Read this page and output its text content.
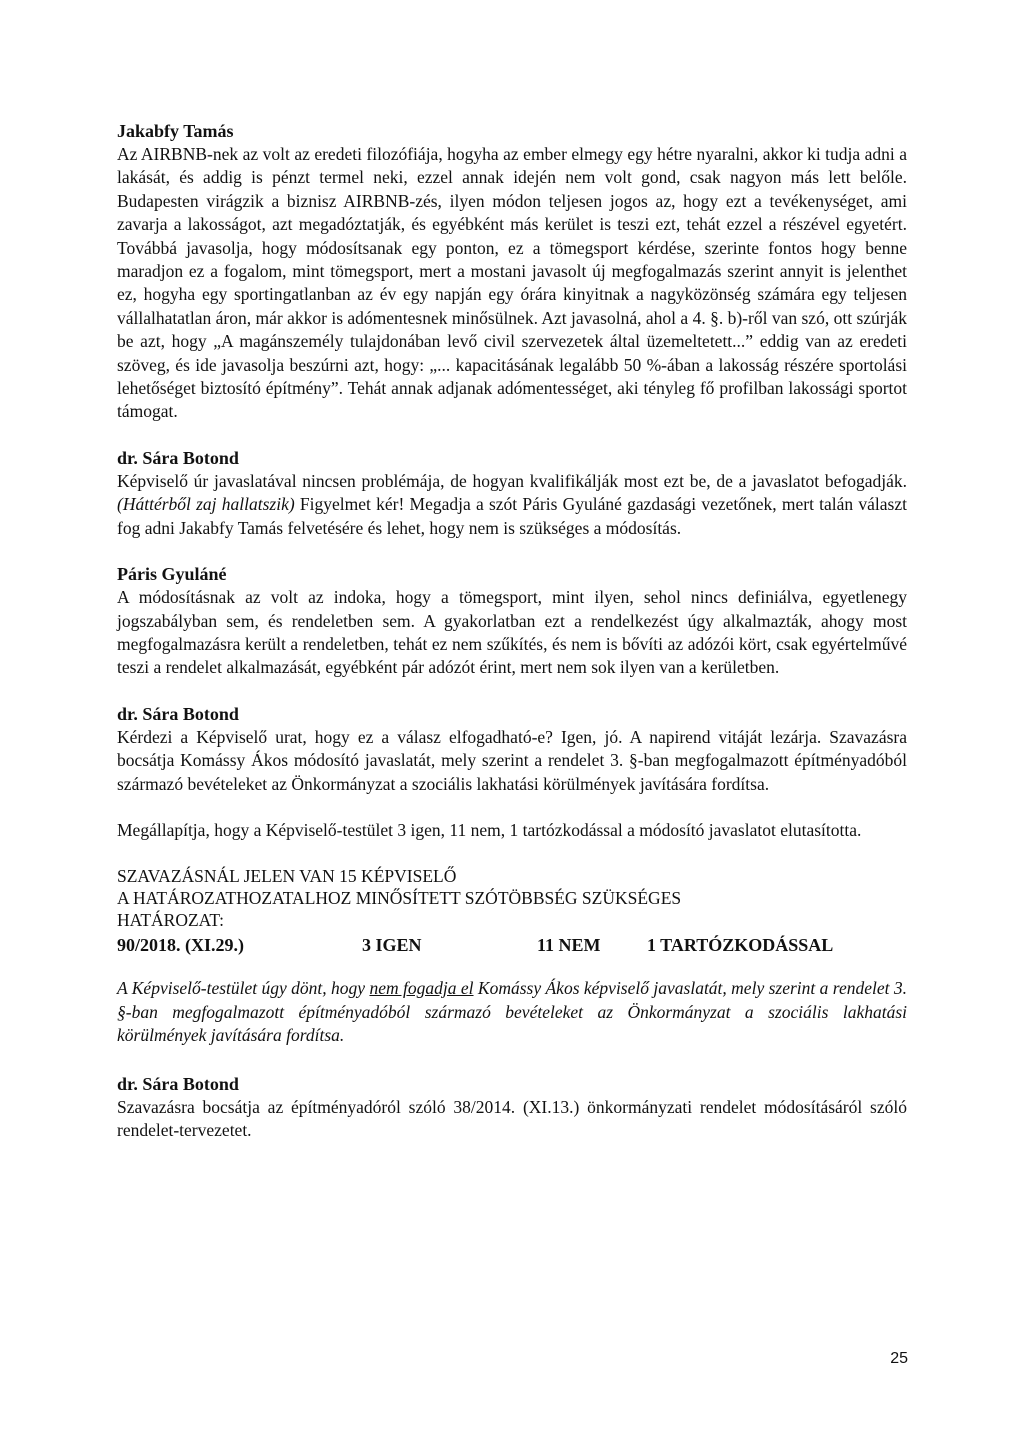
Jakabfy Tamás

Az AIRBNB-nek az volt az eredeti filozófiája, hogyha az ember elmegy egy hétre nyaralni, akkor ki tudja adni a lakását, és addig is pénzt termel neki, ezzel annak idején nem volt gond, csak nagyon más lett belőle. Budapesten virágzik a biznisz AIRBNB-zés, ilyen módon teljesen jogos az, hogy ezt a tevékenységet, ami zavarja a lakosságot, azt megadóztatják, és egyébként más kerület is teszi ezt, tehát ezzel a részével egyetért. Továbbá javasolja, hogy módosítsanak egy ponton, ez a tömegsport kérdése, szerinte fontos hogy benne maradjon ez a fogalom, mint tömegsport, mert a mostani javasolt új megfogalmazás szerint annyit is jelenthet ez, hogyha egy sportingatlanban az év egy napján egy órára kinyitnak a nagyközönség számára egy teljesen vállalhatatlan áron, már akkor is adómentesnek minősülnek. Azt javasolná, ahol a 4. §. b)-ről van szó, ott szúrják be azt, hogy „A magánszemély tulajdonában levő civil szervezetek által üzemeltetett...” eddig van az eredeti szöveg, és ide javasolja beszúrni azt, hogy: „... kapacitásának legalább 50 %-ában a lakosság részére sportolási lehetőséget biztosító építmény”. Tehát annak adjanak adómentességet, aki tényleg fő profilban lakossági sportot támogat.

dr. Sára Botond

Képviselő úr javaslatával nincsen problémája, de hogyan kvalifikálják most ezt be, de a javaslatot befogadják. (Háttérből zaj hallatszik) Figyelmet kér! Megadja a szót Páris Gyuláné gazdasági vezetőnek, mert talán választ fog adni Jakabfy Tamás felvetésére és lehet, hogy nem is szükséges a módosítás.

Páris Gyuláné

A módosításnak az volt az indoka, hogy a tömegsport, mint ilyen, sehol nincs definiálva, egyetlenegy jogszabályban sem, és rendeletben sem. A gyakorlatban ezt a rendelkezést úgy alkalmazták, ahogy most megfogalmazásra került a rendeletben, tehát ez nem szűkítés, és nem is bővíti az adózói kört, csak egyértelművé teszi a rendelet alkalmazását, egyébként pár adózót érint, mert nem sok ilyen van a kerületben.

dr. Sára Botond

Kérdezi a Képviselő urat, hogy ez a válasz elfogadható-e? Igen, jó. A napirend vitáját lezárja. Szavazásra bocsátja Komássy Ákos módosító javaslatát, mely szerint a rendelet 3. §-ban megfogalmazott építményadóból származó bevételeket az Önkormányzat a szociális lakhatási körülmények javítására fordítsa.

Megállapítja, hogy a Képviselő-testület 3 igen, 11 nem, 1 tartózkodással a módosító javaslatot elutasította.

SZAVAZÁSNÁL JELEN VAN 15 KÉPVISELŐ
A HATÁROZATHOZATALHOZ MINŐSÍTETT SZÓTÖBBSÉG SZÜKSÉGES
HATÁROZAT:
90/2018. (XI.29.)	3 IGEN	11 NEM	1 TARTÓZKODÁSSAL

A Képviselő-testület úgy dönt, hogy nem fogadja el Komássy Ákos képviselő javaslatát, mely szerint a rendelet 3. §-ban megfogalmazott építményadóból származó bevételeket az Önkormányzat a szociális lakhatási körülmények javítására fordítsa.

dr. Sára Botond

Szavazásra bocsátja az építményadóról szóló 38/2014. (XI.13.) önkormányzati rendelet módosításáról szóló rendelet-tervezetet.

25
